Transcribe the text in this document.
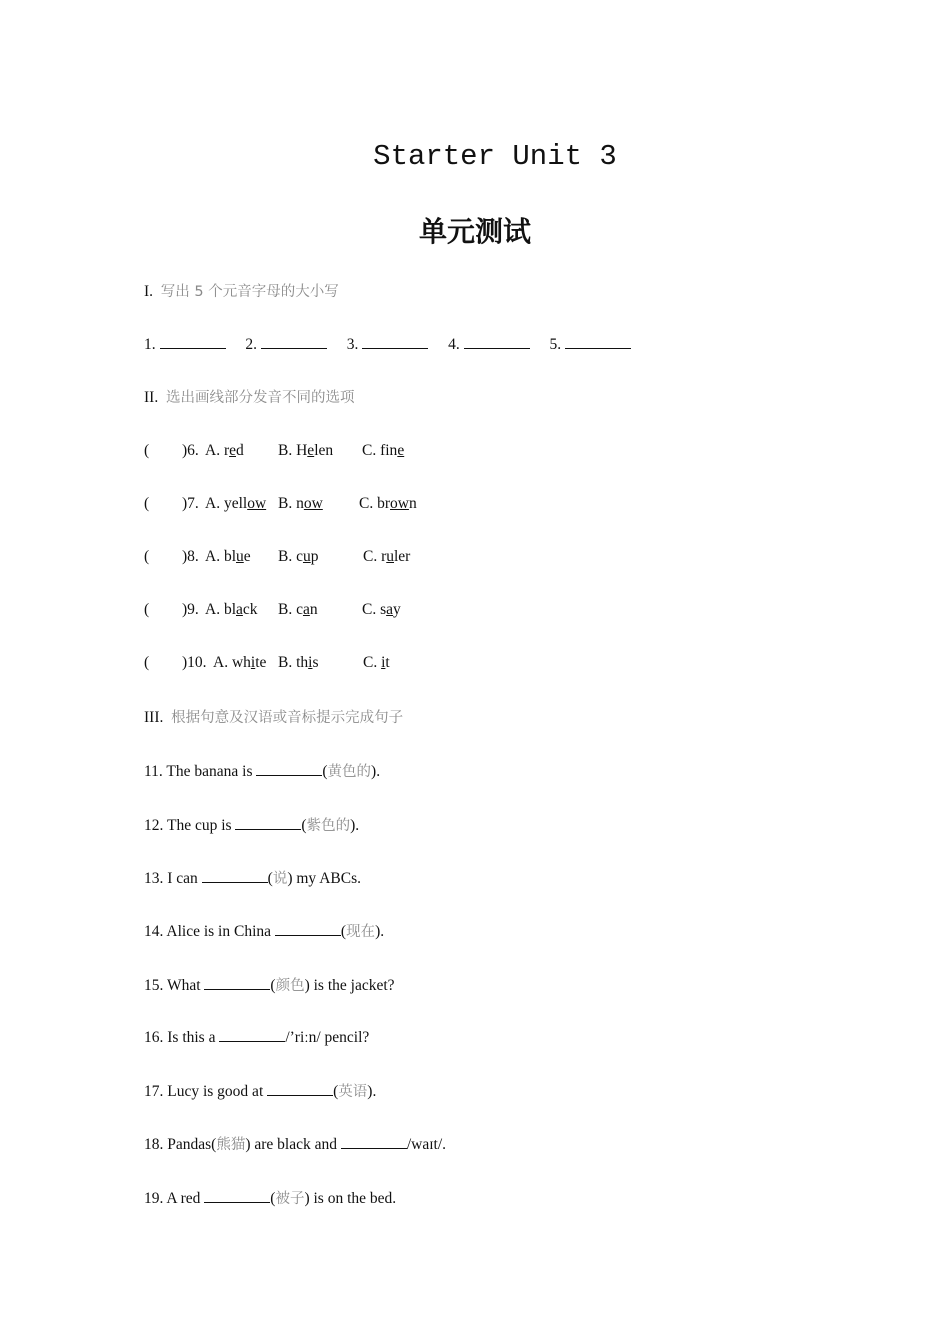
Starter Unit 3
单元测试
I. 写出 5 个元音字母的大小写
1.	2.	3.	4.	5.
II. 选出画线部分发音不同的选项
( )6. A. red B. Helen C. fine
( )7. A. yellow B. now C. brown
( )8. A. blue B. cup	C. ruler
( )9. A. black B. can	C. say
( )10. A. white B. this	C. it
III. 根据句意及汉语或音标提示完成句子
11. The banana is	(黄色的).
12. The cup is	(紫色的).
13. I can	(说) my ABCs.
14. Alice is in China	(现在).
15. What	(颜色) is the jacket?
16. Is this a	/’riːn/ pencil?
17. Lucy is good at	(英语).
18. Pandas(熊猫) are black and	/waɪt/.
19. A red	(被子) is on the bed.
